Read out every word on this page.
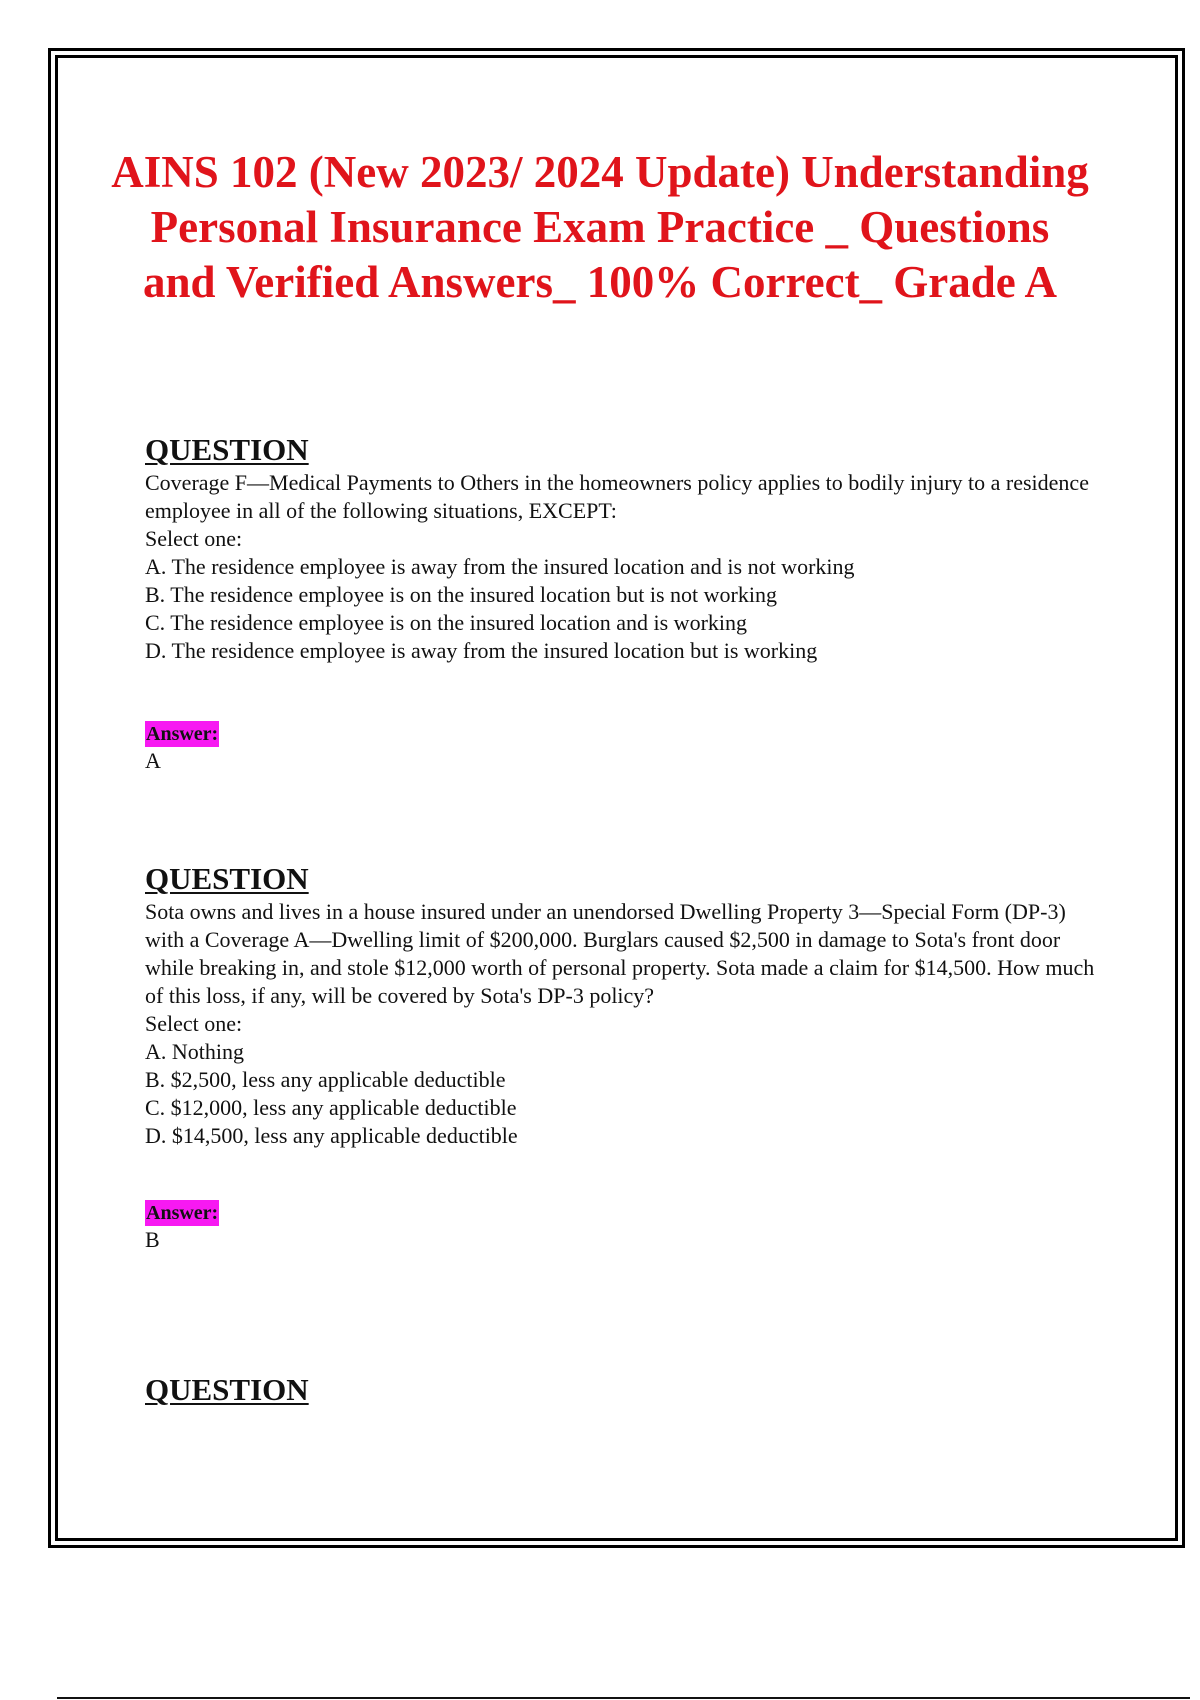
AINS 102 (New 2023/ 2024 Update) Understanding Personal Insurance Exam Practice _ Questions and Verified Answers_ 100% Correct_ Grade A
QUESTION

Coverage F—Medical Payments to Others in the homeowners policy applies to bodily injury to a residence employee in all of the following situations, EXCEPT:

Select one:

A. The residence employee is away from the insured location and is not working

B. The residence employee is on the insured location but is not working

C. The residence employee is on the insured location and is working

D. The residence employee is away from the insured location but is working

Answer:

A

QUESTION

Sota owns and lives in a house insured under an unendorsed Dwelling Property 3—Special Form (DP-3) with a Coverage A—Dwelling limit of $200,000. Burglars caused $2,500 in damage to Sota's front door while breaking in, and stole $12,000 worth of personal property. Sota made a claim for $14,500. How much of this loss, if any, will be covered by Sota's DP-3 policy?

Select one:

A. Nothing

B. $2,500, less any applicable deductible

C. $12,000, less any applicable deductible

D. $14,500, less any applicable deductible

Answer:

B

QUESTION
